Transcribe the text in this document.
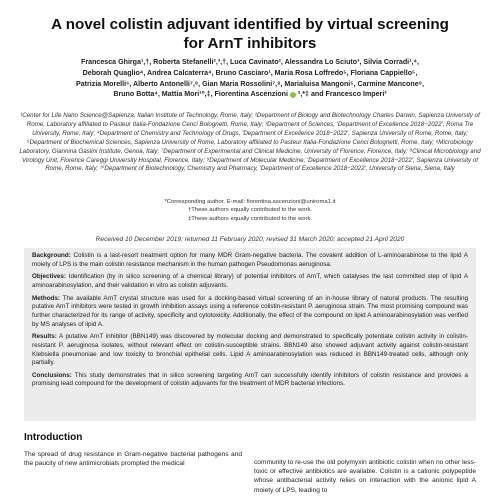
A novel colistin adjuvant identified by virtual screening for ArnT inhibitors
Francesca Ghirga¹,†, Roberta Stefanelli²,³,†, Luca Cavinato², Alessandra Lo Sciuto³, Silvia Corradi¹,⁴,
Deborah Quaglio⁴, Andrea Calcaterra⁴, Bruno Casciaro¹, Maria Rosa Loffredo⁵, Floriana Cappiello⁵,
Patrizia Morelli⁶, Alberto Antonelli⁷,⁸, Gian Maria Rossolini⁷,⁸, Marialuisa Mangoni⁵, Carmine Mancone⁹,
Bruno Botta⁴, Mattia Mori¹⁰,‡, Fiorentina Ascenzioni ²,*‡ and Francesco Imperi³
¹Center for Life Nano Science@Sapienza, Italian Institute of Technology, Rome, Italy; ²Department of Biology and Biotechnology Charles Darwin, Sapienza University of Rome, Laboratory affiliated to Pasteur Italia-Fondazione Cenci Bolognetti, Rome, Italy; ³Department of Sciences, 'Department of Excellence 2018−2022', Roma Tre University, Rome, Italy; ⁴Department of Chemistry and Technology of Drugs, 'Department of Excellence 2018−2022', Sapienza University of Rome, Rome, Italy; ⁵Department of Biochemical Sciences, Sapienza University of Rome, Laboratory affiliated to Pasteur Italia-Fondazione Cenci Bolognetti, Rome, Italy; ⁶Microbiology Laboratory, Giannina Gaslini Institute, Genoa, Italy; ⁷Department of Experimental and Clinical Medicine, University of Florence, Florence, Italy; ⁸Clinical Microbiology and Virology Unit, Florence Careggi University Hospital, Florence, Italy; ⁹Department of Molecular Medicine, 'Department of Excellence 2018−2022', Sapienza University of Rome, Rome, Italy; ¹⁰Department of Biotechnology, Chemistry and Pharmacy, 'Department of Excellence 2018−2022', University of Siena, Siena, Italy
*Corresponding author. E-mail: fiorentina.ascenzioni@uniroma1.it
†These authors equally contributed to the work.
‡These authors equally contributed to the work.
Received 10 December 2019; returned 11 February 2020; revised 31 March 2020; accepted 21 April 2020

Background: Colistin is a last-resort treatment option for many MDR Gram-negative bacteria. The covalent addition of L-aminoarabinose to the lipid A moiety of LPS is the main colistin resistance mechanism in the human pathogen Pseudomonas aeruginosa.

Objectives: Identification (by in silico screening of a chemical library) of potential inhibitors of ArnT, which catalyses the last committed step of lipid A aminoarabinosylation, and their validation in vitro as colistin adjuvants.

Methods: The available ArnT crystal structure was used for a docking-based virtual screening of an in-house library of natural products. The resulting putative ArnT inhibitors were tested in growth inhibition assays using a reference colistin-resistant P. aeruginosa strain. The most promising compound was further characterized for its range of activity, specificity and cytotoxicity. Additionally, the effect of the compound on lipid A aminoarabinosylation was verified by MS analyses of lipid A.

Results: A putative ArnT inhibitor (BBN149) was discovered by molecular docking and demonstrated to specifically potentiate colistin activity in colistin-resistant P. aeruginosa isolates, without relevant effect on colistin-susceptible strains. BBN149 also showed adjuvant activity against colistin-resistant Klebsiella pneumoniae and low toxicity to bronchial epithelial cells. Lipid A aminoarabinosylation was reduced in BBN149-treated cells, although only partially.

Conclusions: This study demonstrates that in silico screening targeting ArnT can successfully identify inhibitors of colistin resistance and provides a promising lead compound for the development of colistin adjuvants for the treatment of MDR bacterial infections.

Introduction
The spread of drug resistance in Gram-negative bacterial pathogens and the paucity of new antimicrobials prompted the medical	community to re-use the old polymyxin antibiotic colistin when no other less-toxic or effective antibiotics are available. Colistin is a cationic polypeptide whose antibacterial activity relies on interaction with the anionic lipid A moiety of LPS, leading to
